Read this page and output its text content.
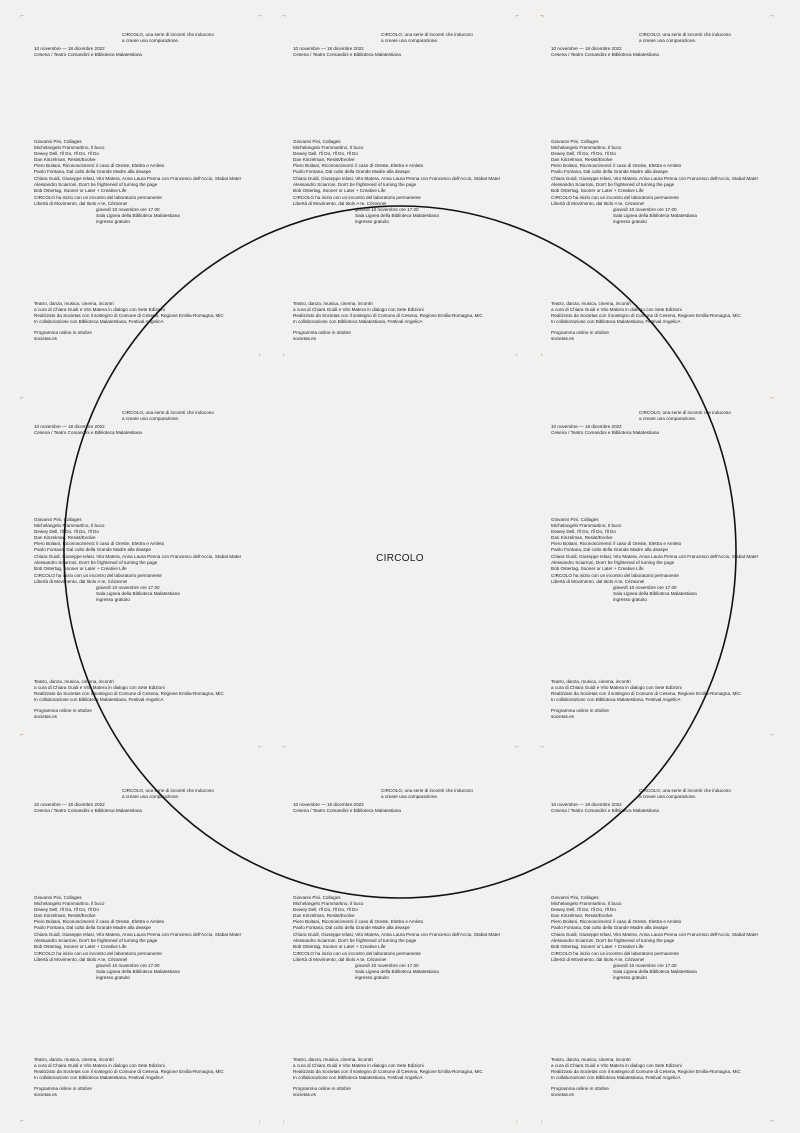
CIRCOLO, una serie di incontri che inducono

a creare una comparazione.

10 novembre — 18 dicembre 2022

Cesena / Teatro Comandini e Biblioteca Malatestiana

Giovanni Pini, Collages

Michelangelo Frammartino, Il buco

Dewey Dell, I'll Do, I'll Do, I'll Do

Dan Kinzelman, Resist/Evolve

Piero Boitani, Riconoscimenti: il caso di Oreste, Elettra e Amleto

Paolo Fontana, Dal culto della Grande Madre alla deaspe

Chiara Guidi, Giuseppe Ielasi, Vito Matera, Anna Laura Penna con Francesco dell'Accio, Stabat Mater

Alessandro Sciarroni, Don't be frightened of turning the page

Bob Ostertag, Sooner or Later + Creative Life

CIRCOLO ha inizio con un incontro del laboratorio permanente

Libertà di Movimento, dal titolo A te, Cézanne!

giovedì 10 novembre ore 17.00

Sala Lignea della Biblioteca Malatestiana

ingresso gratuito

Teatro, danza, musica, cinema, incontri

a cura di Chiara Guidi e Vito Matera in dialogo con Sete Edizioni

Realizzato da Societas con il sostegno di Comune di Cesena, Regione Emilia-Romagna, MiC

In collaborazione con Biblioteca Malatestiana, Festival AngelicA

Programma online in ottobre

societas.es

CIRCOLO, una serie di incontri che inducono

a creare una comparazione.

10 novembre — 18 dicembre 2022

Cesena / Teatro Comandini e Biblioteca Malatestiana

Giovanni Pini, Collages

Michelangelo Frammartino, Il buco

Dewey Dell, I'll Do, I'll Do, I'll Do

Dan Kinzelman, Resist/Evolve

Piero Boitani, Riconoscimenti: il caso di Oreste, Elettra e Amleto

Paolo Fontana, Dal culto della Grande Madre alla deaspe

Chiara Guidi, Giuseppe Ielasi, Vito Matera, Anna Laura Penna con Francesco dell'Accio, Stabat Mater

Alessandro Sciarroni, Don't be frightened of turning the page

Bob Ostertag, Sooner or Later + Creative Life

CIRCOLO ha inizio con un incontro del laboratorio permanente

Libertà di Movimento, dal titolo A te, Cézanne!

giovedì 10 novembre ore 17.00

Sala Lignea della Biblioteca Malatestiana

ingresso gratuito

Teatro, danza, musica, cinema, incontri

a cura di Chiara Guidi e Vito Matera in dialogo con Sete Edizioni

Realizzato da Societas con il sostegno di Comune di Cesena, Regione Emilia-Romagna, MiC

In collaborazione con Biblioteca Malatestiana, Festival AngelicA

Programma online in ottobre

societas.es

CIRCOLO, una serie di incontri che inducono

a creare una comparazione.

10 novembre — 18 dicembre 2022

Cesena / Teatro Comandini e Biblioteca Malatestiana

Giovanni Pini, Collages

Michelangelo Frammartino, Il buco

Dewey Dell, I'll Do, I'll Do, I'll Do

Dan Kinzelman, Resist/Evolve

Piero Boitani, Riconoscimenti: il caso di Oreste, Elettra e Amleto

Paolo Fontana, Dal culto della Grande Madre alla deaspe

Chiara Guidi, Giuseppe Ielasi, Vito Matera, Anna Laura Penna con Francesco dell'Accio, Stabat Mater

Alessandro Sciarroni, Don't be frightened of turning the page

Bob Ostertag, Sooner or Later + Creative Life

CIRCOLO ha inizio con un incontro del laboratorio permanente

Libertà di Movimento, dal titolo A te, Cézanne!

giovedì 10 novembre ore 17.00

Sala Lignea della Biblioteca Malatestiana

ingresso gratuito

Teatro, danza, musica, cinema, incontri

a cura di Chiara Guidi e Vito Matera in dialogo con Sete Edizioni

Realizzato da Societas con il sostegno di Comune di Cesena, Regione Emilia-Romagna, MiC

In collaborazione con Biblioteca Malatestiana, Festival AngelicA

Programma online in ottobre

societas.es

CIRCOLO, una serie di incontri che inducono

a creare una comparazione.

10 novembre — 18 dicembre 2022

Cesena / Teatro Comandini e Biblioteca Malatestiana

Giovanni Pini, Collages

Michelangelo Frammartino, Il buco

Dewey Dell, I'll Do, I'll Do, I'll Do

Dan Kinzelman, Resist/Evolve

Piero Boitani, Riconoscimenti: il caso di Oreste, Elettra e Amleto

Paolo Fontana, Dal culto della Grande Madre alla deaspe

Chiara Guidi, Giuseppe Ielasi, Vito Matera, Anna Laura Penna con Francesco dell'Accio, Stabat Mater

Alessandro Sciarroni, Don't be frightened of turning the page

Bob Ostertag, Sooner or Later + Creative Life

CIRCOLO ha inizio con un incontro del laboratorio permanente

Libertà di Movimento, dal titolo A te, Cézanne!

giovedì 10 novembre ore 17.00

Sala Lignea della Biblioteca Malatestiana

ingresso gratuito

Teatro, danza, musica, cinema, incontri

a cura di Chiara Guidi e Vito Matera in dialogo con Sete Edizioni

Realizzato da Societas con il sostegno di Comune di Cesena, Regione Emilia-Romagna, MiC

In collaborazione con Biblioteca Malatestiana, Festival AngelicA

Programma online in ottobre

societas.es

CIRCOLO, una serie di incontri che inducono

a creare una comparazione.

10 novembre — 18 dicembre 2022

Cesena / Teatro Comandini e Biblioteca Malatestiana

Giovanni Pini, Collages

Michelangelo Frammartino, Il buco

Dewey Dell, I'll Do, I'll Do, I'll Do

Dan Kinzelman, Resist/Evolve

Piero Boitani, Riconoscimenti: il caso di Oreste, Elettra e Amleto

Paolo Fontana, Dal culto della Grande Madre alla deaspe

Chiara Guidi, Giuseppe Ielasi, Vito Matera, Anna Laura Penna con Francesco dell'Accio, Stabat Mater

Alessandro Sciarroni, Don't be frightened of turning the page

Bob Ostertag, Sooner or Later + Creative Life

CIRCOLO ha inizio con un incontro del laboratorio permanente

Libertà di Movimento, dal titolo A te, Cézanne!

giovedì 10 novembre ore 17.00

Sala Lignea della Biblioteca Malatestiana

ingresso gratuito

Teatro, danza, musica, cinema, incontri

a cura di Chiara Guidi e Vito Matera in dialogo con Sete Edizioni

Realizzato da Societas con il sostegno di Comune di Cesena, Regione Emilia-Romagna, MiC

In collaborazione con Biblioteca Malatestiana, Festival AngelicA

Programma online in ottobre

societas.es

CIRCOLO, una serie di incontri che inducono

a creare una comparazione.

10 novembre — 18 dicembre 2022

Cesena / Teatro Comandini e Biblioteca Malatestiana

Giovanni Pini, Collages

Michelangelo Frammartino, Il buco

Dewey Dell, I'll Do, I'll Do, I'll Do

Dan Kinzelman, Resist/Evolve

Piero Boitani, Riconoscimenti: il caso di Oreste, Elettra e Amleto

Paolo Fontana, Dal culto della Grande Madre alla deaspe

Chiara Guidi, Giuseppe Ielasi, Vito Matera, Anna Laura Penna con Francesco dell'Accio, Stabat Mater

Alessandro Sciarroni, Don't be frightened of turning the page

Bob Ostertag, Sooner or Later + Creative Life

CIRCOLO ha inizio con un incontro del laboratorio permanente

Libertà di Movimento, dal titolo A te, Cézanne!

giovedì 10 novembre ore 17.00

Sala Lignea della Biblioteca Malatestiana

ingresso gratuito

Teatro, danza, musica, cinema, incontri

a cura di Chiara Guidi e Vito Matera in dialogo con Sete Edizioni

Realizzato da Societas con il sostegno di Comune di Cesena, Regione Emilia-Romagna, MiC

In collaborazione con Biblioteca Malatestiana, Festival AngelicA

Programma online in ottobre

societas.es

CIRCOLO, una serie di incontri che inducono

a creare una comparazione.

10 novembre — 18 dicembre 2022

Cesena / Teatro Comandini e Biblioteca Malatestiana

Giovanni Pini, Collages

Michelangelo Frammartino, Il buco

Dewey Dell, I'll Do, I'll Do, I'll Do

Dan Kinzelman, Resist/Evolve

Piero Boitani, Riconoscimenti: il caso di Oreste, Elettra e Amleto

Paolo Fontana, Dal culto della Grande Madre alla deaspe

Chiara Guidi, Giuseppe Ielasi, Vito Matera, Anna Laura Penna con Francesco dell'Accio, Stabat Mater

Alessandro Sciarroni, Don't be frightened of turning the page

Bob Ostertag, Sooner or Later + Creative Life

CIRCOLO ha inizio con un incontro del laboratorio permanente

Libertà di Movimento, dal titolo A te, Cézanne!

giovedì 10 novembre ore 17.00

Sala Lignea della Biblioteca Malatestiana

ingresso gratuito

Teatro, danza, musica, cinema, incontri

a cura di Chiara Guidi e Vito Matera in dialogo con Sete Edizioni

Realizzato da Societas con il sostegno di Comune di Cesena, Regione Emilia-Romagna, MiC

In collaborazione con Biblioteca Malatestiana, Festival AngelicA

Programma online in ottobre

societas.es

CIRCOLO, una serie di incontri che inducono

a creare una comparazione.

10 novembre — 18 dicembre 2022

Cesena / Teatro Comandini e Biblioteca Malatestiana

Giovanni Pini, Collages

Michelangelo Frammartino, Il buco

Dewey Dell, I'll Do, I'll Do, I'll Do

Dan Kinzelman, Resist/Evolve

Piero Boitani, Riconoscimenti: il caso di Oreste, Elettra e Amleto

Paolo Fontana, Dal culto della Grande Madre alla deaspe

Chiara Guidi, Giuseppe Ielasi, Vito Matera, Anna Laura Penna con Francesco dell'Accio, Stabat Mater

Alessandro Sciarroni, Don't be frightened of turning the page

Bob Ostertag, Sooner or Later + Creative Life

CIRCOLO ha inizio con un incontro del laboratorio permanente

Libertà di Movimento, dal titolo A te, Cézanne!

giovedì 10 novembre ore 17.00

Sala Lignea della Biblioteca Malatestiana

ingresso gratuito

Teatro, danza, musica, cinema, incontri

a cura di Chiara Guidi e Vito Matera in dialogo con Sete Edizioni

Realizzato da Societas con il sostegno di Comune di Cesena, Regione Emilia-Romagna, MiC

In collaborazione con Biblioteca Malatestiana, Festival AngelicA

Programma online in ottobre

societas.es

⌐
⌐
⌐
⌐
⌐	¬	⌐	¬	¬
˪	˪	˪	˪
⌐	¬	⌐	¬
¬
¬
¬
˪	˪	˪	˪
CIRCOLO
